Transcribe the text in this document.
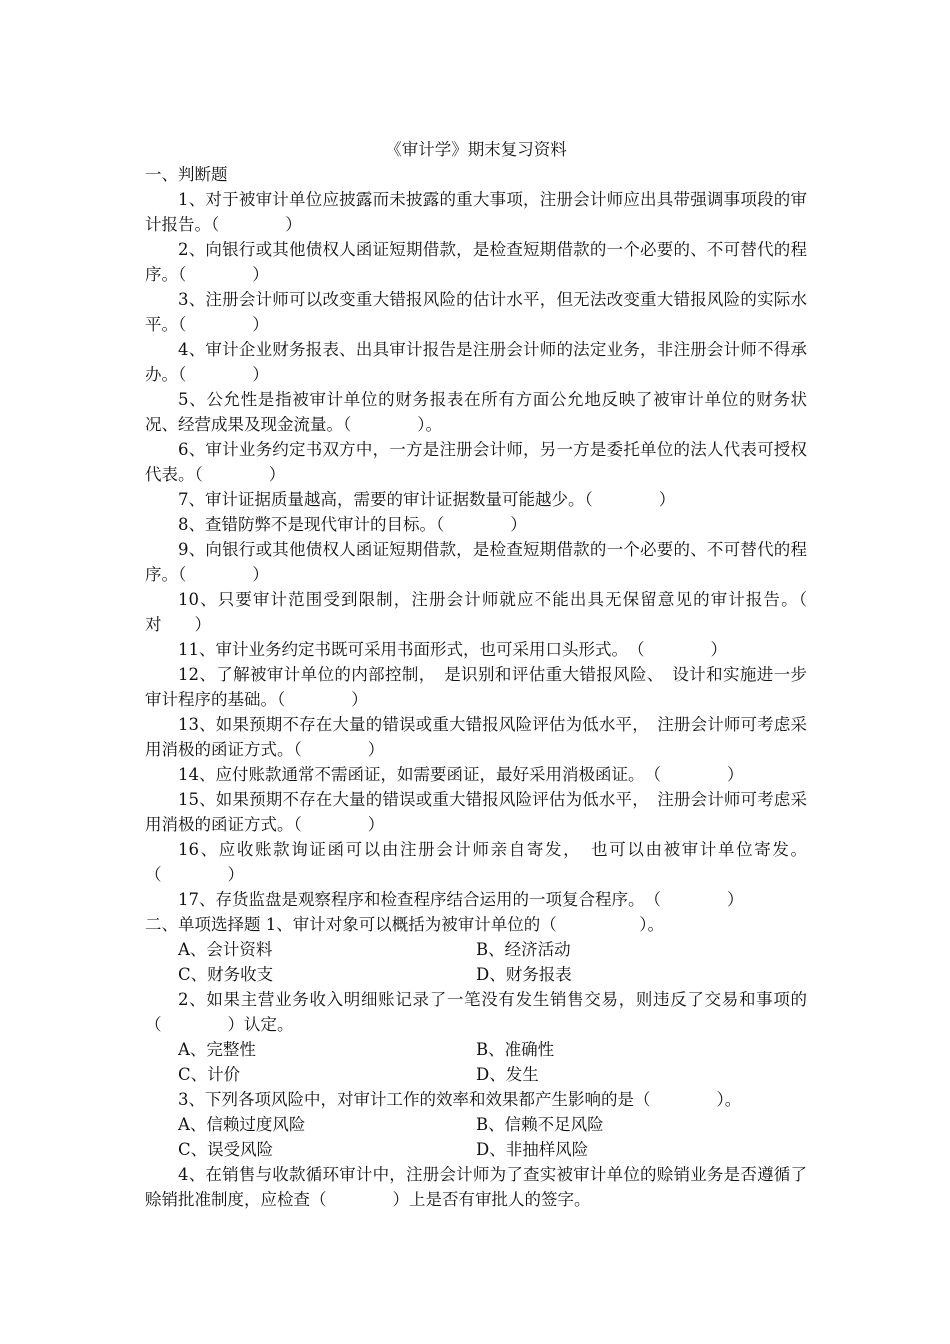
《审计学》期末复习资料
一、判断题

1、对于被审计单位应披露而未披露的重大事项，注册会计师应出具带强调事项段的审计报告。（　　　　）

2、向银行或其他债权人函证短期借款，是检查短期借款的一个必要的、不可替代的程序。（　　　　）

3、注册会计师可以改变重大错报风险的估计水平，但无法改变重大错报风险的实际水平。（　　　　）

4、审计企业财务报表、出具审计报告是注册会计师的法定业务，非注册会计师不得承办。（　　　　）

5、公允性是指被审计单位的财务报表在所有方面公允地反映了被审计单位的财务状况、经营成果及现金流量。（　　　　）。

6、审计业务约定书双方中，一方是注册会计师，另一方是委托单位的法人代表可授权代表。（　　　　）

7、审计证据质量越高，需要的审计证据数量可能越少。（　　　　）

8、查错防弊不是现代审计的目标。（　　　　）

9、向银行或其他债权人函证短期借款，是检查短期借款的一个必要的、不可替代的程序。（　　　　）

10、只要审计范围受到限制，注册会计师就应不能出具无保留意见的审计报告。（　对　　）

11、审计业务约定书既可采用书面形式，也可采用口头形式。　（　　　　）

12、了解被审计单位的内部控制，　是识别和评估重大错报风险、　设计和实施进一步审计程序的基础。（　　　　）

13、如果预期不存在大量的错误或重大错报风险评估为低水平，　注册会计师可考虑采用消极的函证方式。（　　　　）

14、应付账款通常不需函证，如需要函证，最好采用消极函证。　（　　　　）

15、如果预期不存在大量的错误或重大错报风险评估为低水平，　注册会计师可考虑采用消极的函证方式。（　　　　）

16、应收账款询证函可以由注册会计师亲自寄发，　也可以由被审计单位寄发。（　　　　）

17、存货监盘是观察程序和检查程序结合运用的一项复合程序。　（　　　　）

二、单项选择题 1、审计对象可以概括为被审计单位的（　　　　　）。
A、会计资料	B、经济活动
C、财务收支	D、财务报表

2、如果主营业务收入明细账记录了一笔没有发生销售交易，则违反了交易和事项的（　　　　）认定。

A、完整性	B、准确性
C、计价	D、发生

3、下列各项风险中，对审计工作的效率和效果都产生影响的是（　　　　）。

A、信赖过度风险	B、信赖不足风险
C、误受风险	D、非抽样风险

4、在销售与收款循环审计中，注册会计师为了查实被审计单位的赊销业务是否遵循了赊销批准制度，应检查（　　　　）上是否有审批人的签字。
